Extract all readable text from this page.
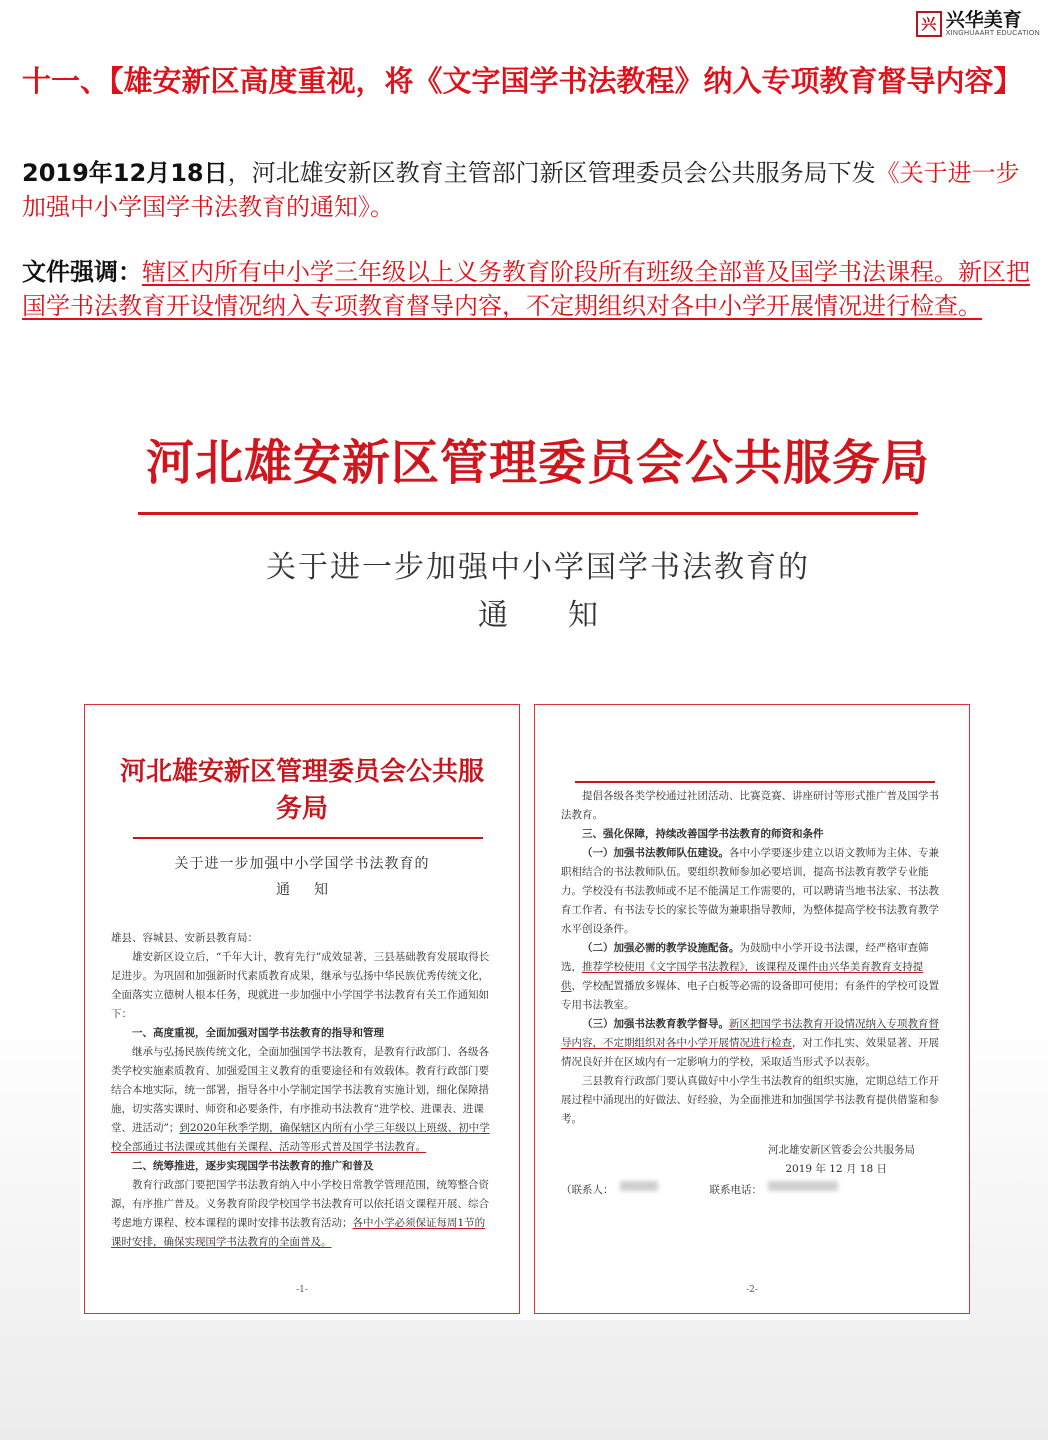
兴 兴华美育
XINGHUAART EDUCATION
十一、【雄安新区高度重视，将《文字国学书法教程》纳入专项教育督导内容】
2019年12月18日，河北雄安新区教育主管部门新区管理委员会公共服务局下发《关于进一步加强中小学国学书法教育的通知》。
文件强调：辖区内所有中小学三年级以上义务教育阶段所有班级全部普及国学书法课程。新区把国学书法教育开设情况纳入专项教育督导内容，不定期组织对各中小学开展情况进行检查。
河北雄安新区管理委员会公共服务局
关于进一步加强中小学国学书法教育的
通知
河北雄安新区管理委员会公共服务局
关于进一步加强中小学国学书法教育的
通知

雄县、容城县、安新县教育局：

雄安新区设立后，“千年大计，教育先行”成效显著，三县基础教育发展取得长足进步。为巩固和加强新时代素质教育成果，继承与弘扬中华民族优秀传统文化，全面落实立德树人根本任务，现就进一步加强中小学国学书法教育有关工作通知如下：

一、高度重视，全面加强对国学书法教育的指导和管理

继承与弘扬民族传统文化，全面加强国学书法教育，是教育行政部门、各级各类学校实施素质教育、加强爱国主义教育的重要途径和有效载体。教育行政部门要结合本地实际，统一部署，指导各中小学制定国学书法教育实施计划，细化保障措施，切实落实课时、师资和必要条件，有序推动书法教育“进学校、进课表、进课堂、进活动”；到2020年秋季学期，确保辖区内所有小学三年级以上班级、初中学校全部通过书法课或其他有关课程、活动等形式普及国学书法教育。

二、统筹推进，逐步实现国学书法教育的推广和普及

教育行政部门要把国学书法教育纳入中小学校日常教学管理范围，统筹整合资源，有序推广普及。义务教育阶段学校国学书法教育可以依托语文课程开展、综合考虑地方课程、校本课程的课时安排书法教育活动；各中小学必须保证每周1节的课时安排，确保实现国学书法教育的全面普及。

-1-

提倡各级各类学校通过社团活动、比赛竞赛、讲座研讨等形式推广普及国学书法教育。

三、强化保障，持续改善国学书法教育的师资和条件

（一）加强书法教师队伍建设。各中小学要逐步建立以语文教师为主体、专兼职相结合的书法教师队伍。要组织教师参加必要培训，提高书法教育教学专业能力。学校没有书法教师或不足不能满足工作需要的，可以聘请当地书法家、书法教育工作者、有书法专长的家长等做为兼职指导教师，为整体提高学校书法教育教学水平创设条件。

（二）加强必需的教学设施配备。为鼓励中小学开设书法课，经严格审查筛选，推荐学校使用《文字国学书法教程》，该课程及课件由兴华美育教育支持提供，学校配置播放多媒体、电子白板等必需的设备即可使用；有条件的学校可设置专用书法教室。

（三）加强书法教育教学督导。新区把国学书法教育开设情况纳入专项教育督导内容，不定期组织对各中小学开展情况进行检查，对工作扎实、效果显著、开展情况良好并在区域内有一定影响力的学校，采取适当形式予以表彰。

三县教育行政部门要认真做好中小学生书法教育的组织实施，定期总结工作开展过程中涌现出的好做法、好经验，为全面推进和加强国学书法教育提供借鉴和参考。

河北雄安新区管委会公共服务局
2019 年 12 月 18 日
（联系人：	联系电话：
-2-
